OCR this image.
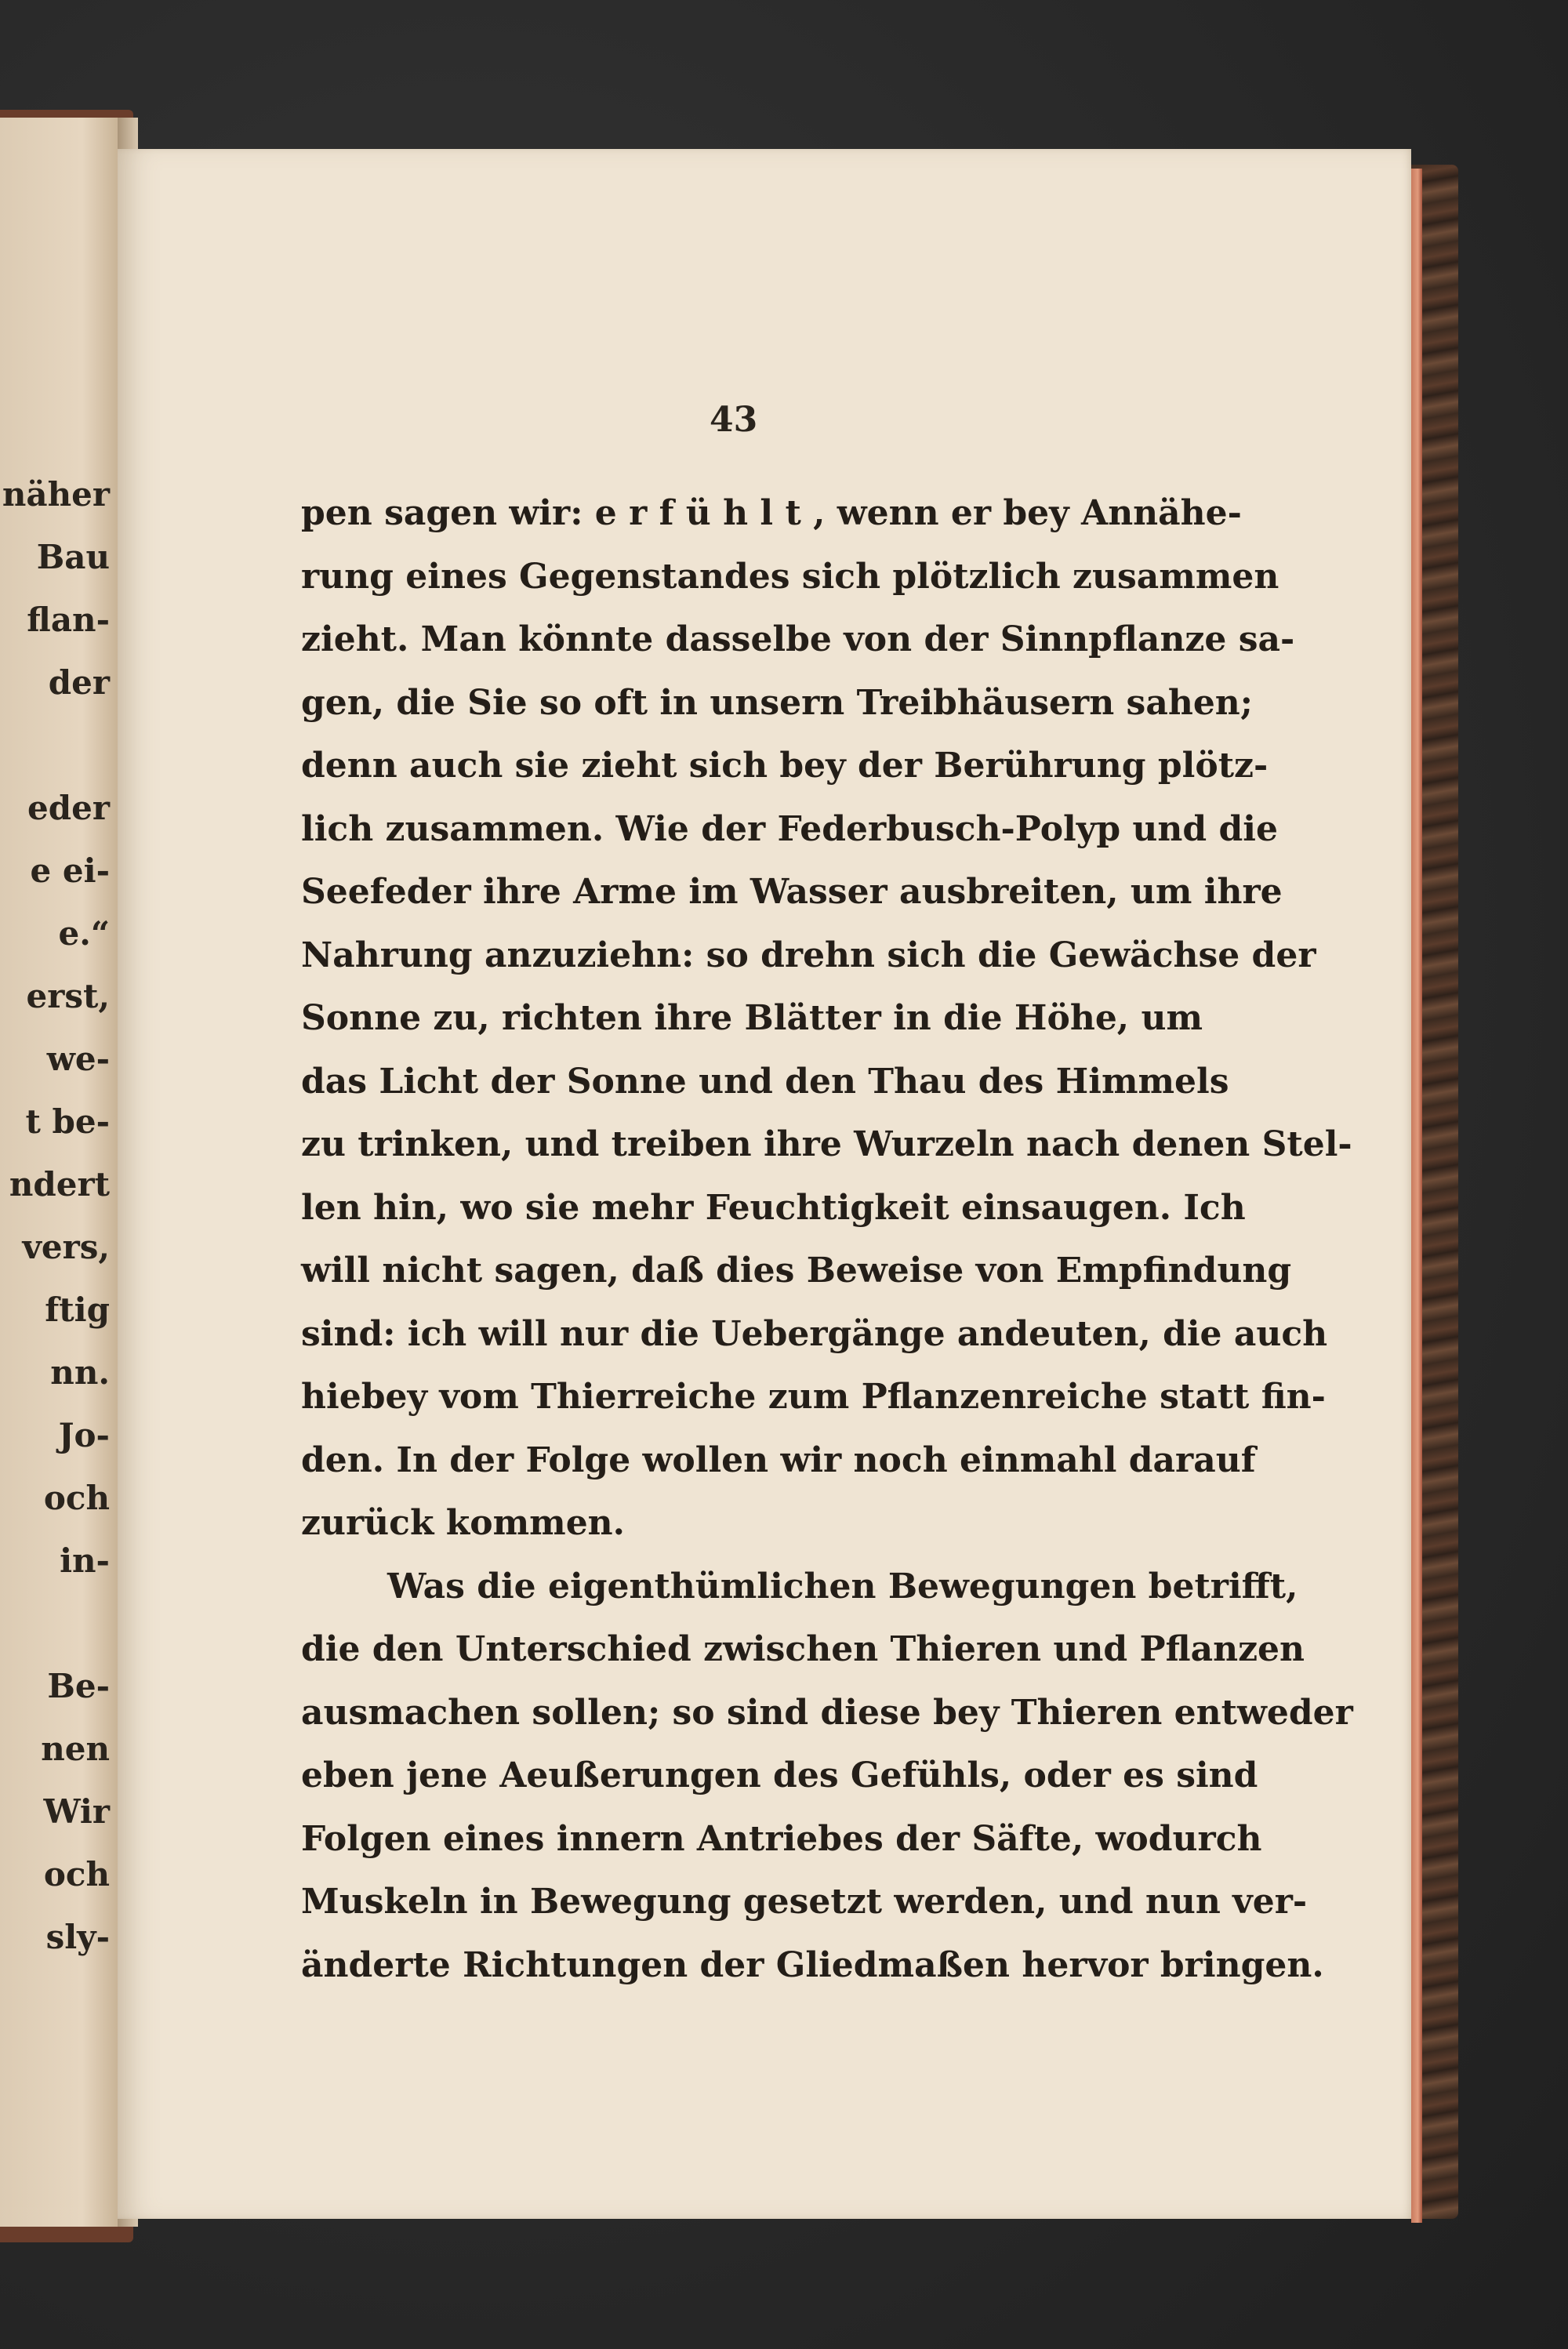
näher
Bau
flan-
der
eder
e ei-
e.“
erst,
we-
t be-
ndert
vers,
ftig
nn.
Jo-
och
in-
Be-
nen
Wir
och
sly-
43
pen sagen wir: e r f ü h l t , wenn er bey Annähe-
rung eines Gegenstandes sich plötzlich zusammen
zieht. Man könnte dasselbe von der Sinnpflanze sa-
gen, die Sie so oft in unsern Treibhäusern sahen;
denn auch sie zieht sich bey der Berührung plötz-
lich zusammen. Wie der Federbusch-Polyp und die
Seefeder ihre Arme im Wasser ausbreiten, um ihre
Nahrung anzuziehn: so drehn sich die Gewächse der
Sonne zu, richten ihre Blätter in die Höhe, um
das Licht der Sonne und den Thau des Himmels
zu trinken, und treiben ihre Wurzeln nach denen Stel-
len hin, wo sie mehr Feuchtigkeit einsaugen. Ich
will nicht sagen, daß dies Beweise von Empfindung
sind: ich will nur die Uebergänge andeuten, die auch
hiebey vom Thierreiche zum Pflanzenreiche statt fin-
den. In der Folge wollen wir noch einmahl darauf
zurück kommen.
Was die eigenthümlichen Bewegungen betrifft,
die den Unterschied zwischen Thieren und Pflanzen
ausmachen sollen; so sind diese bey Thieren entweder
eben jene Aeußerungen des Gefühls, oder es sind
Folgen eines innern Antriebes der Säfte, wodurch
Muskeln in Bewegung gesetzt werden, und nun ver-
änderte Richtungen der Gliedmaßen hervor bringen.
